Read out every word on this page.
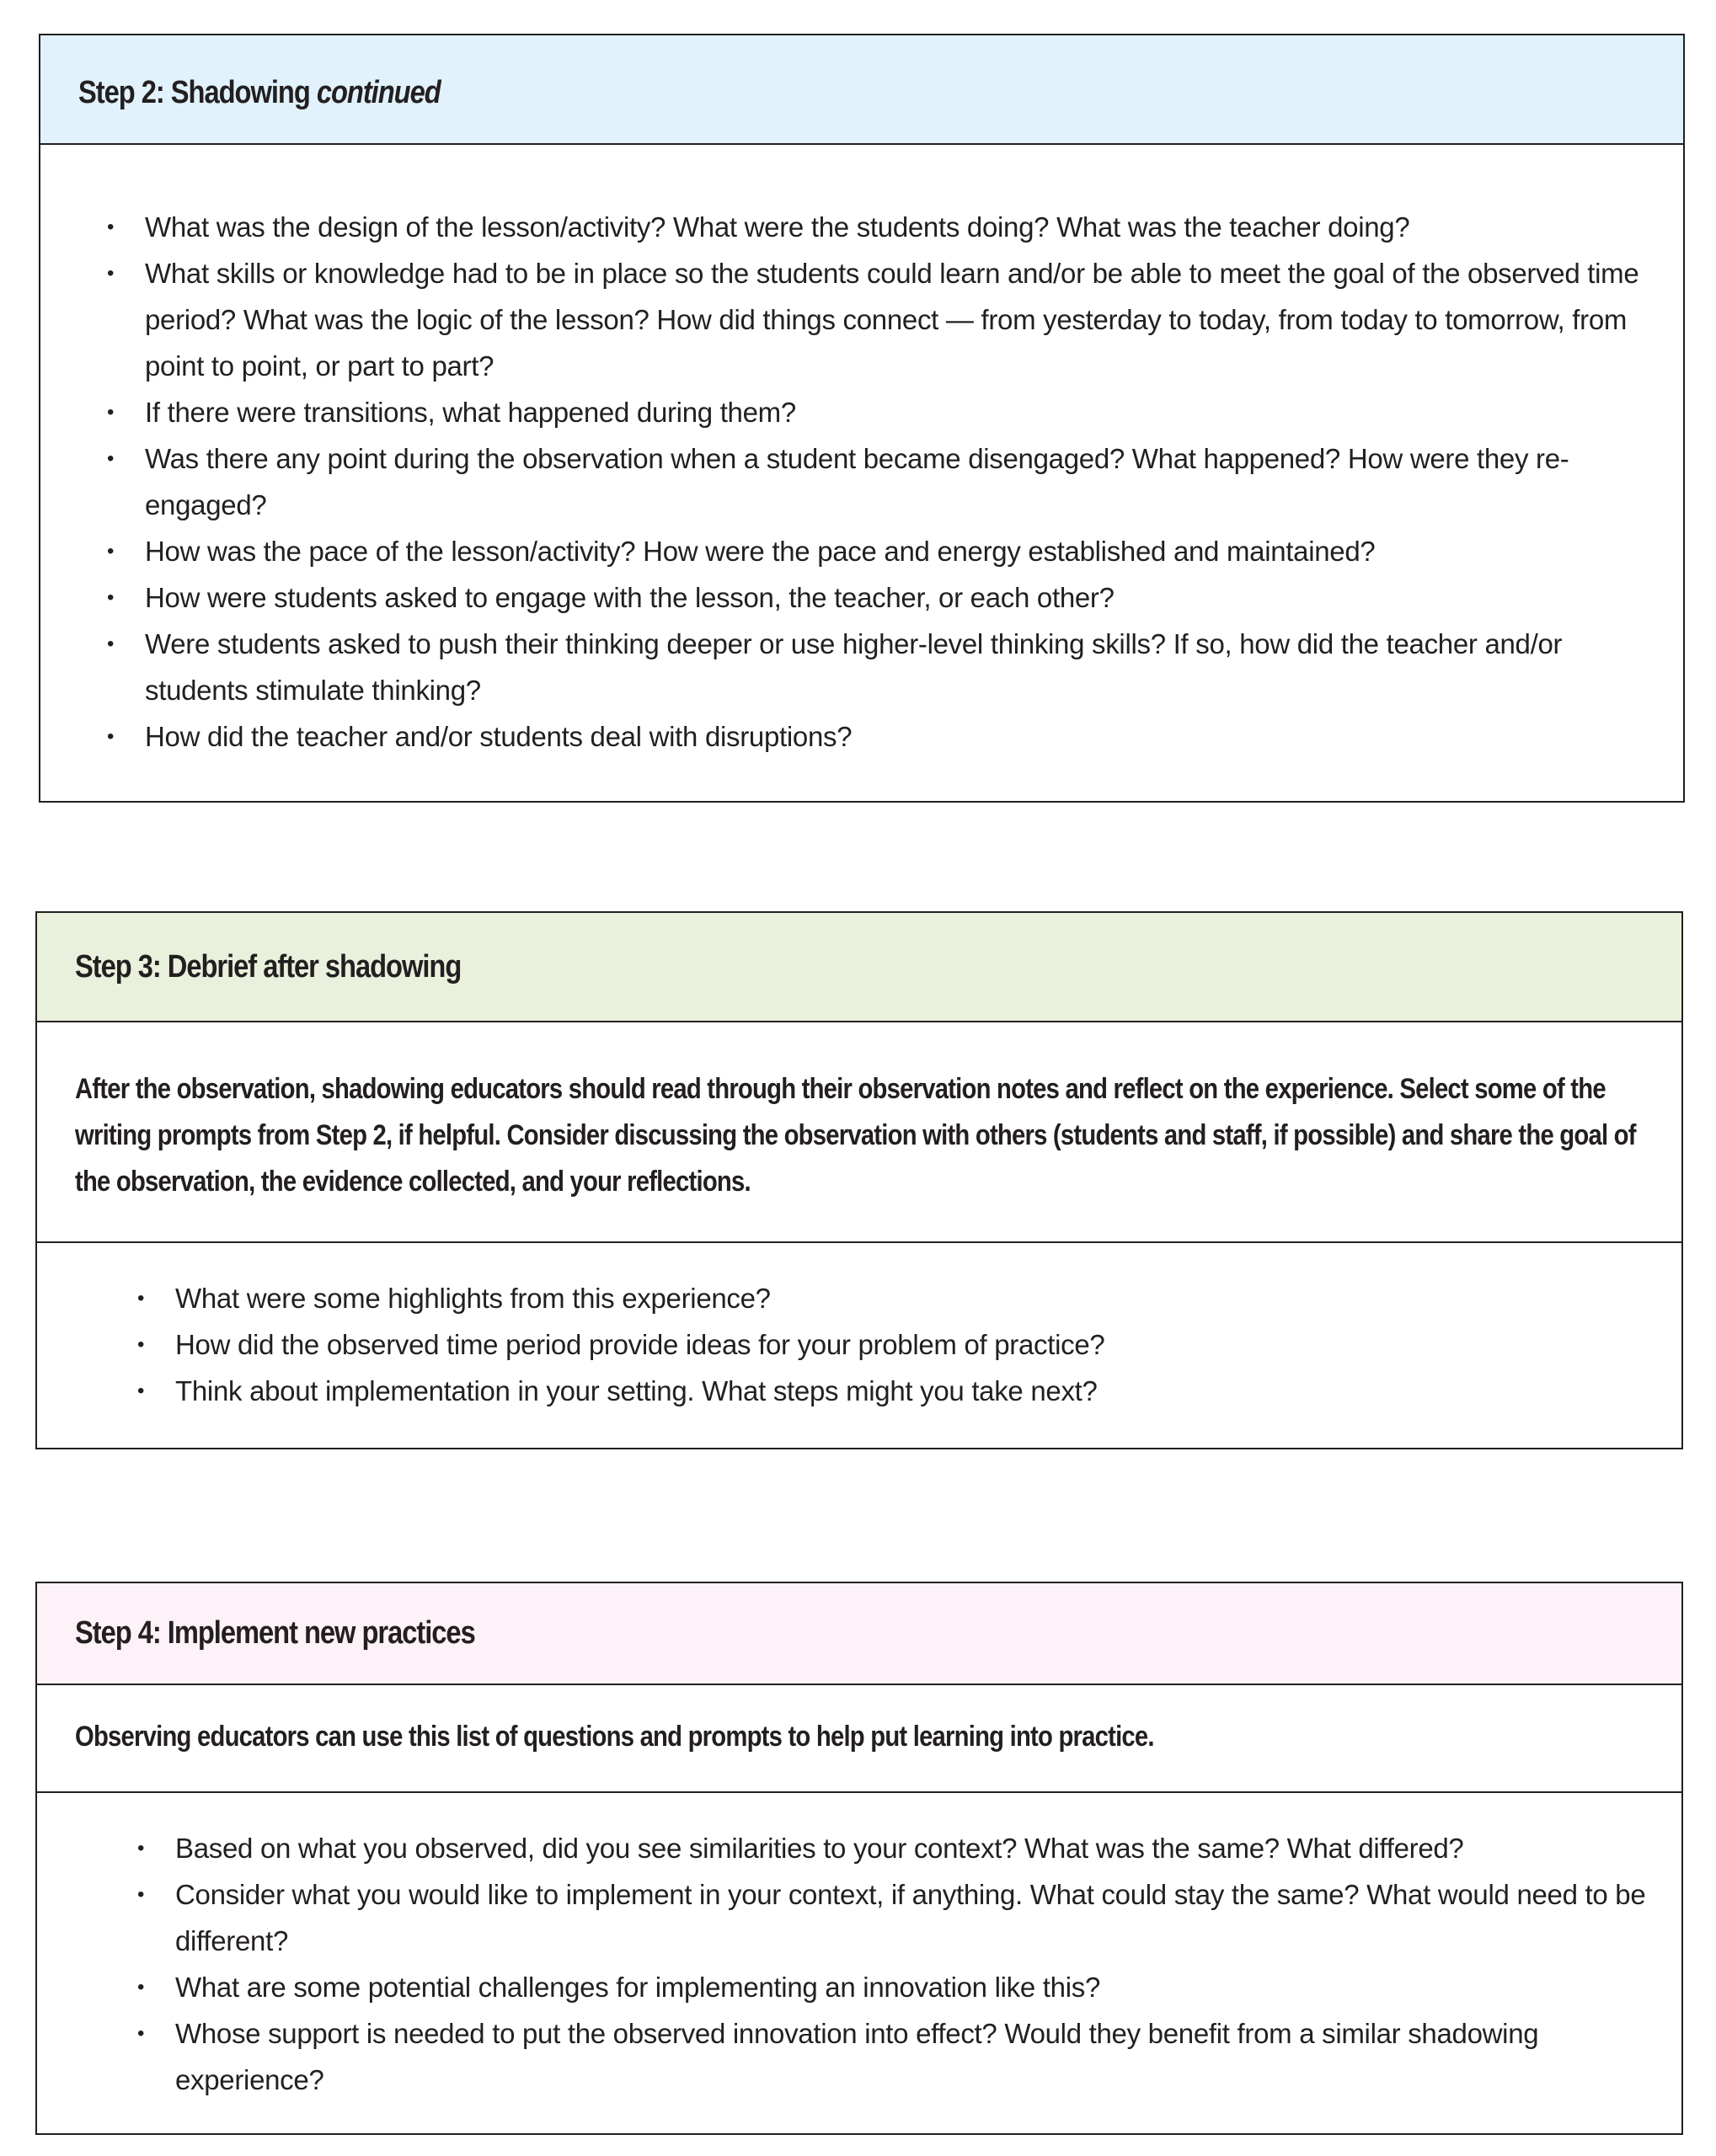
Step 2: Shadowing continued
• What was the design of the lesson/activity? What were the students doing? What was the teacher doing?
• What skills or knowledge had to be in place so the students could learn and/or be able to meet the goal of the observed time period? What was the logic of the lesson? How did things connect — from yesterday to today, from today to tomorrow, from point to point, or part to part?
• If there were transitions, what happened during them?
• Was there any point during the observation when a student became disengaged? What happened? How were they re-engaged?
• How was the pace of the lesson/activity? How were the pace and energy established and maintained?
• How were students asked to engage with the lesson, the teacher, or each other?
• Were students asked to push their thinking deeper or use higher-level thinking skills? If so, how did the teacher and/or students stimulate thinking?
• How did the teacher and/or students deal with disruptions?
Step 3: Debrief after shadowing
After the observation, shadowing educators should read through their observation notes and reflect on the experience. Select some of the writing prompts from Step 2, if helpful. Consider discussing the observation with others (students and staff, if possible) and share the goal of the observation, the evidence collected, and your reflections.
• What were some highlights from this experience?
• How did the observed time period provide ideas for your problem of practice?
• Think about implementation in your setting. What steps might you take next?
Step 4: Implement new practices
Observing educators can use this list of questions and prompts to help put learning into practice.
• Based on what you observed, did you see similarities to your context? What was the same? What differed?
• Consider what you would like to implement in your context, if anything. What could stay the same? What would need to be different?
• What are some potential challenges for implementing an innovation like this?
• Whose support is needed to put the observed innovation into effect? Would they benefit from a similar shadowing experience?
